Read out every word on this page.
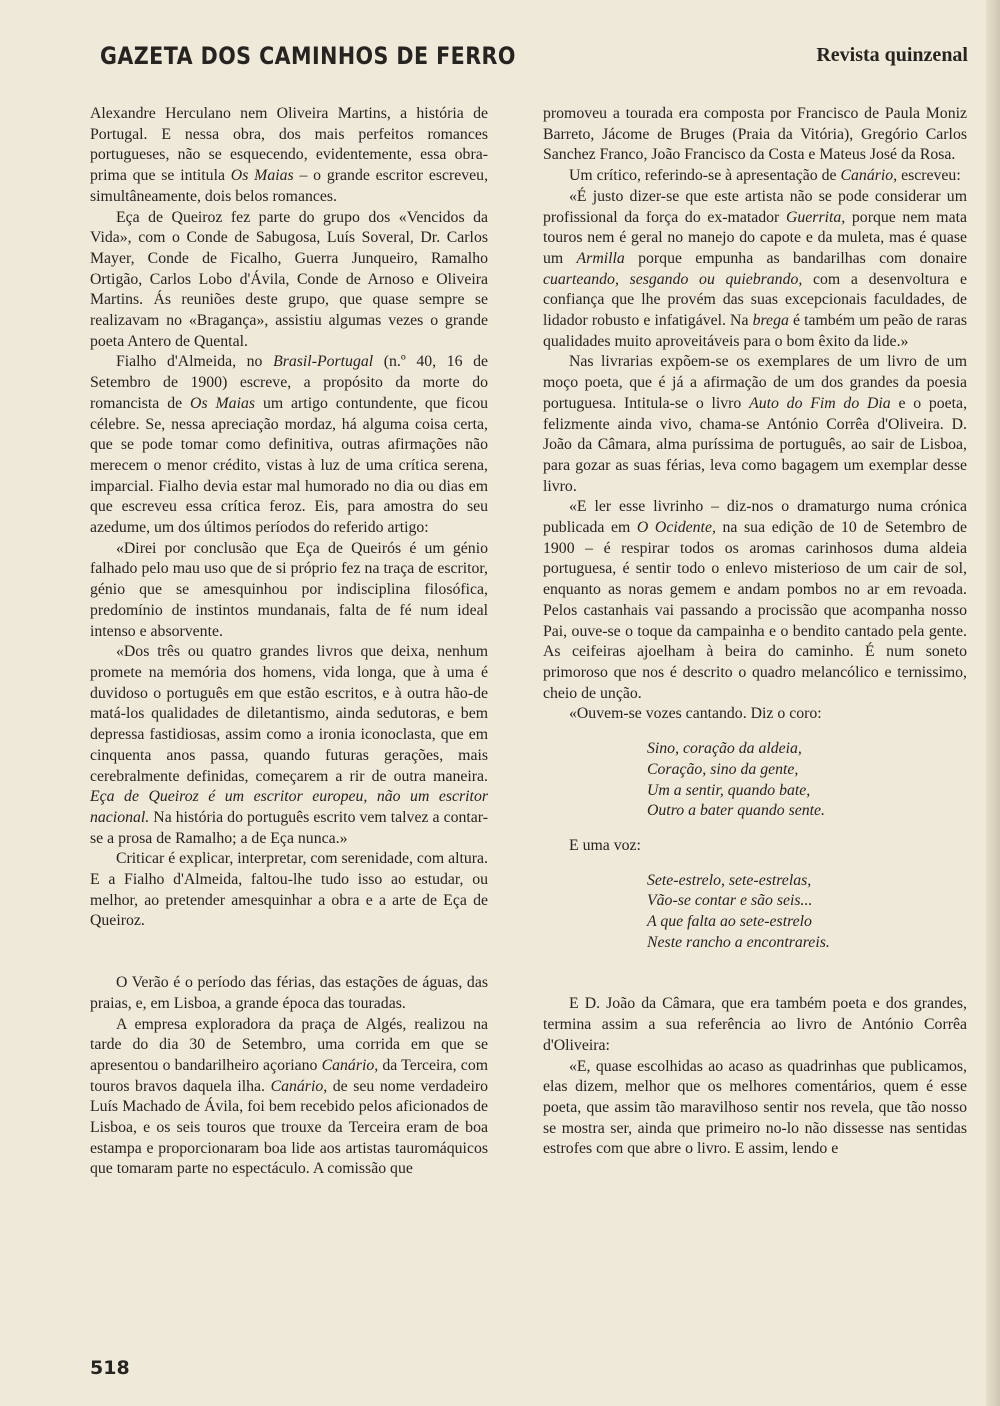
GAZETA DOS CAMINHOS DE FERRO	Revista quinzenal

Alexandre Herculano nem Oliveira Martins, a história de Portugal. E nessa obra, dos mais perfeitos romances portugueses, não se esquecendo, evidentemente, essa obra-prima que se intitula Os Maias – o grande escritor escreveu, simultâneamente, dois belos romances.

Eça de Queiroz fez parte do grupo dos «Vencidos da Vida», com o Conde de Sabugosa, Luís Soveral, Dr. Carlos Mayer, Conde de Ficalho, Guerra Junqueiro, Ramalho Ortigão, Carlos Lobo d'Ávila, Conde de Arnoso e Oliveira Martins. Ás reuniões deste grupo, que quase sempre se realizavam no «Bragança», assistiu algumas vezes o grande poeta Antero de Quental.

Fialho d'Almeida, no Brasil-Portugal (n.º 40, 16 de Setembro de 1900) escreve, a propósito da morte do romancista de Os Maias um artigo contundente, que ficou célebre. Se, nessa apreciação mordaz, há alguma coisa certa, que se pode tomar como definitiva, outras afirmações não merecem o menor crédito, vistas à luz de uma crítica serena, imparcial. Fialho devia estar mal humorado no dia ou dias em que escreveu essa crítica feroz. Eis, para amostra do seu azedume, um dos últimos períodos do referido artigo:

«Direi por conclusão que Eça de Queirós é um génio falhado pelo mau uso que de si próprio fez na traça de escritor, génio que se amesquinhou por indisciplina filosófica, predomínio de instintos mundanais, falta de fé num ideal intenso e absorvente.

«Dos três ou quatro grandes livros que deixa, nenhum promete na memória dos homens, vida longa, que à uma é duvidoso o português em que estão escritos, e à outra hão-de matá-los qualidades de diletantismo, ainda sedutoras, e bem depressa fastidiosas, assim como a ironia iconoclasta, que em cinquenta anos passa, quando futuras gerações, mais cerebralmente definidas, começarem a rir de outra maneira. Eça de Queiroz é um escritor europeu, não um escritor nacional. Na história do português escrito vem talvez a contar-se a prosa de Ramalho; a de Eça nunca.»

Criticar é explicar, interpretar, com serenidade, com altura. E a Fialho d'Almeida, faltou-lhe tudo isso ao estudar, ou melhor, ao pretender amesquinhar a obra e a arte de Eça de Queiroz.

O Verão é o período das férias, das estações de águas, das praias, e, em Lisboa, a grande época das touradas.

A empresa exploradora da praça de Algés, realizou na tarde do dia 30 de Setembro, uma corrida em que se apresentou o bandarilheiro açoriano Canário, da Terceira, com touros bravos daquela ilha. Canário, de seu nome verdadeiro Luís Machado de Ávila, foi bem recebido pelos aficionados de Lisboa, e os seis touros que trouxe da Terceira eram de boa estampa e proporcionaram boa lide aos artistas tauromáquicos que tomaram parte no espectáculo. A comissão que

promoveu a tourada era composta por Francisco de Paula Moniz Barreto, Jácome de Bruges (Praia da Vitória), Gregório Carlos Sanchez Franco, João Francisco da Costa e Mateus José da Rosa.

Um crítico, referindo-se à apresentação de Canário, escreveu:

«É justo dizer-se que este artista não se pode considerar um profissional da força do ex-matador Guerrita, porque nem mata touros nem é geral no manejo do capote e da muleta, mas é quase um Armilla porque empunha as bandarilhas com donaire cuarteando, sesgando ou quiebrando, com a desenvoltura e confiança que lhe provém das suas excepcionais faculdades, de lidador robusto e infatigável. Na brega é também um peão de raras qualidades muito aproveitáveis para o bom êxito da lide.»

Nas livrarias expõem-se os exemplares de um livro de um moço poeta, que é já a afirmação de um dos grandes da poesia portuguesa. Intitula-se o livro Auto do Fim do Dia e o poeta, felizmente ainda vivo, chama-se António Corrêa d'Oliveira. D. João da Câmara, alma puríssima de português, ao sair de Lisboa, para gozar as suas férias, leva como bagagem um exemplar desse livro.

«E ler esse livrinho – diz-nos o dramaturgo numa crónica publicada em O Ocidente, na sua edição de 10 de Setembro de 1900 – é respirar todos os aromas carinhosos duma aldeia portuguesa, é sentir todo o enlevo misterioso de um cair de sol, enquanto as noras gemem e andam pombos no ar em revoada. Pelos castanhais vai passando a procissão que acompanha nosso Pai, ouve-se o toque da campainha e o bendito cantado pela gente. As ceifeiras ajoelham à beira do caminho. É num soneto primoroso que nos é descrito o quadro melancólico e ternissimo, cheio de unção.

«Ouvem-se vozes cantando. Diz o coro:

Sino, coração da aldeia,
Coração, sino da gente,
Um a sentir, quando bate,
Outro a bater quando sente.

E uma voz:

Sete-estrelo, sete-estrelas,
Vão-se contar e são seis...
A que falta ao sete-estrelo
Neste rancho a encontrareis.

E D. João da Câmara, que era também poeta e dos grandes, termina assim a sua referência ao livro de António Corrêa d'Oliveira:

«E, quase escolhidas ao acaso as quadrinhas que publicamos, elas dizem, melhor que os melhores comentários, quem é esse poeta, que assim tão maravilhoso sentir nos revela, que tão nosso se mostra ser, ainda que primeiro no-lo não dissesse nas sentidas estrofes com que abre o livro. E assim, lendo e

518
